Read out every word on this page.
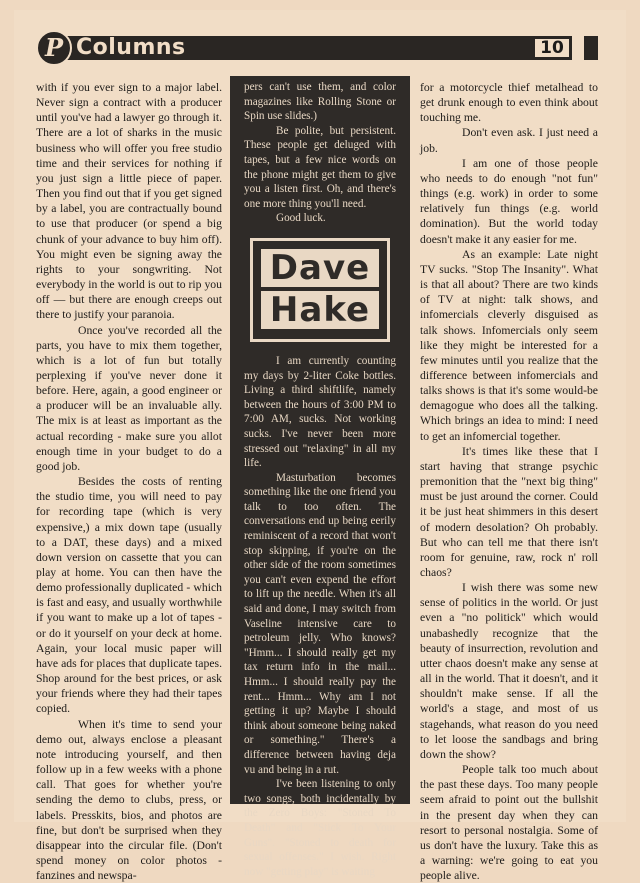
P Columns	10

with if you ever sign to a major label. Never sign a contract with a producer until you've had a lawyer go through it. There are a lot of sharks in the music business who will offer you free studio time and their services for nothing if you just sign a little piece of paper. Then you find out that if you get signed by a label, you are contractually bound to use that producer (or spend a big chunk of your advance to buy him off). You might even be signing away the rights to your songwriting. Not everybody in the world is out to rip you off — but there are enough creeps out there to justify your paranoia.

Once you've recorded all the parts, you have to mix them together, which is a lot of fun but totally perplexing if you've never done it before. Here, again, a good engineer or a producer will be an invaluable ally. The mix is at least as important as the actual recording - make sure you allot enough time in your budget to do a good job.

Besides the costs of renting the studio time, you will need to pay for recording tape (which is very expensive,) a mix down tape (usually to a DAT, these days) and a mixed down version on cassette that you can play at home. You can then have the demo professionally duplicated - which is fast and easy, and usually worthwhile if you want to make up a lot of tapes - or do it yourself on your deck at home. Again, your local music paper will have ads for places that duplicate tapes. Shop around for the best prices, or ask your friends where they had their tapes copied.

When it's time to send your demo out, always enclose a pleasant note introducing yourself, and then follow up in a few weeks with a phone call. That goes for whether you're sending the demo to clubs, press, or labels. Presskits, bios, and photos are fine, but don't be surprised when they disappear into the circular file. (Don't spend money on color photos - fanzines and newspa-

pers can't use them, and color magazines like Rolling Stone or Spin use slides.)

Be polite, but persistent. These people get deluged with tapes, but a few nice words on the phone might get them to give you a listen first. Oh, and there's one more thing you'll need.

Good luck.

Dave
Hake

I am currently counting my days by 2-liter Coke bottles. Living a third shiftlife, namely between the hours of 3:00 PM to 7:00 AM, sucks. Not working sucks. I've never been more stressed out "relaxing" in all my life.

Masturbation becomes something like the one friend you talk to too often. The conversations end up being eerily reminiscent of a record that won't stop skipping, if you're on the other side of the room sometimes you can't even expend the effort to lift up the needle. When it's all said and done, I may switch from Vaseline intensive care to petroleum jelly. Who knows? "Hmm... I should really get my tax return info in the mail... Hmm... I should really pay the rent... Hmm... Why am I not getting it up? Maybe I should think about someone being naked or something." There's a difference between having deja vu and being in a rut.

I've been listening to only two songs, both incidentally by the Zero Boys: "Stoned To Death" and "Stick To Your Guns". "Stoned to death for sexual offenses." I wish. Right now "getting play" is waiting

for a motorcycle thief metalhead to get drunk enough to even think about touching me.

Don't even ask. I just need a job.

I am one of those people who needs to do enough "not fun" things (e.g. work) in order to some relatively fun things (e.g. world domination). But the world today doesn't make it any easier for me.

As an example: Late night TV sucks. "Stop The Insanity". What is that all about? There are two kinds of TV at night: talk shows, and infomercials cleverly disguised as talk shows. Infomercials only seem like they might be interested for a few minutes until you realize that the difference between infomercials and talks shows is that it's some would-be demagogue who does all the talking. Which brings an idea to mind: I need to get an infomercial together.

It's times like these that I start having that strange psychic premonition that the "next big thing" must be just around the corner. Could it be just heat shimmers in this desert of modern desolation? Oh probably. But who can tell me that there isn't room for genuine, raw, rock n' roll chaos?

I wish there was some new sense of politics in the world. Or just even a "no politick" which would unabashedly recognize that the beauty of insurrection, revolution and utter chaos doesn't make any sense at all in the world. That it doesn't, and it shouldn't make sense. If all the world's a stage, and most of us stagehands, what reason do you need to let loose the sandbags and bring down the show?

People talk too much about the past these days. Too many people seem afraid to point out the bullshit in the present day when they can resort to personal nostalgia. Some of us don't have the luxury. Take this as a warning: we're going to eat you people alive.
